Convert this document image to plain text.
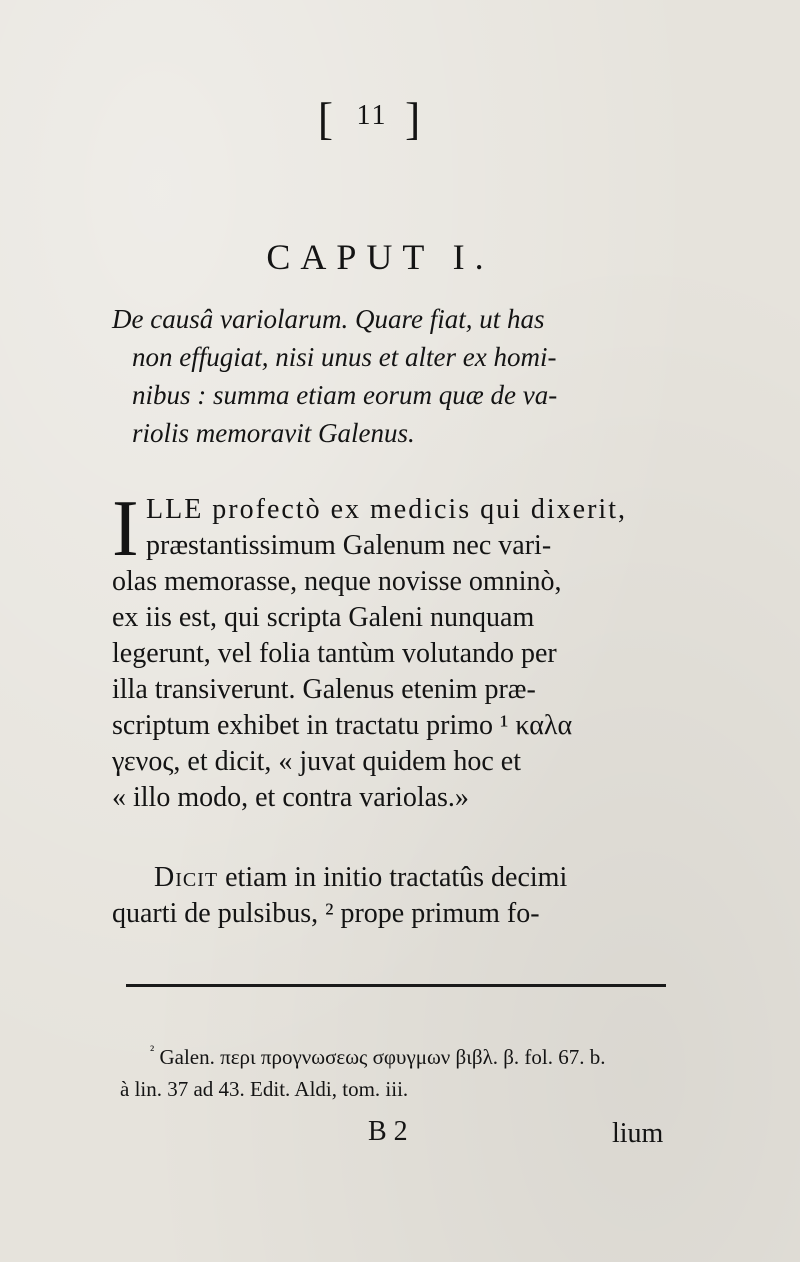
[ $^{11}$ ]
CAPUT I.
De causâ variolarum. Quare fiat, ut has
non effugiat, nisi unus et alter ex homi-
nibus : summa etiam eorum quæ de va-
riolis memoravit Galenus.
I LLE profectò ex medicis qui dixerit,
præstantissimum Galenum nec vari-
olas memorasse, neque novisse omninò,
ex iis est, qui scripta Galeni nunquam
legerunt, vel folia tantùm volutando per
illa transiverunt. Galenus etenim præ-
scriptum exhibet in tractatu primo ¹ καλα
γενος, et dicit, « juvat quidem hoc et
« illo modo, et contra variolas.»
Dicit etiam in initio tractatûs decimi
quarti de pulsibus, ² prope primum fo-
$^{^2}$ Galen. περι προγνωσεως σφυγμων βιβλ. β. fol. 67. b.
à lin. 37 ad 43. Edit. Aldi, tom. iii.
B 2	lium
